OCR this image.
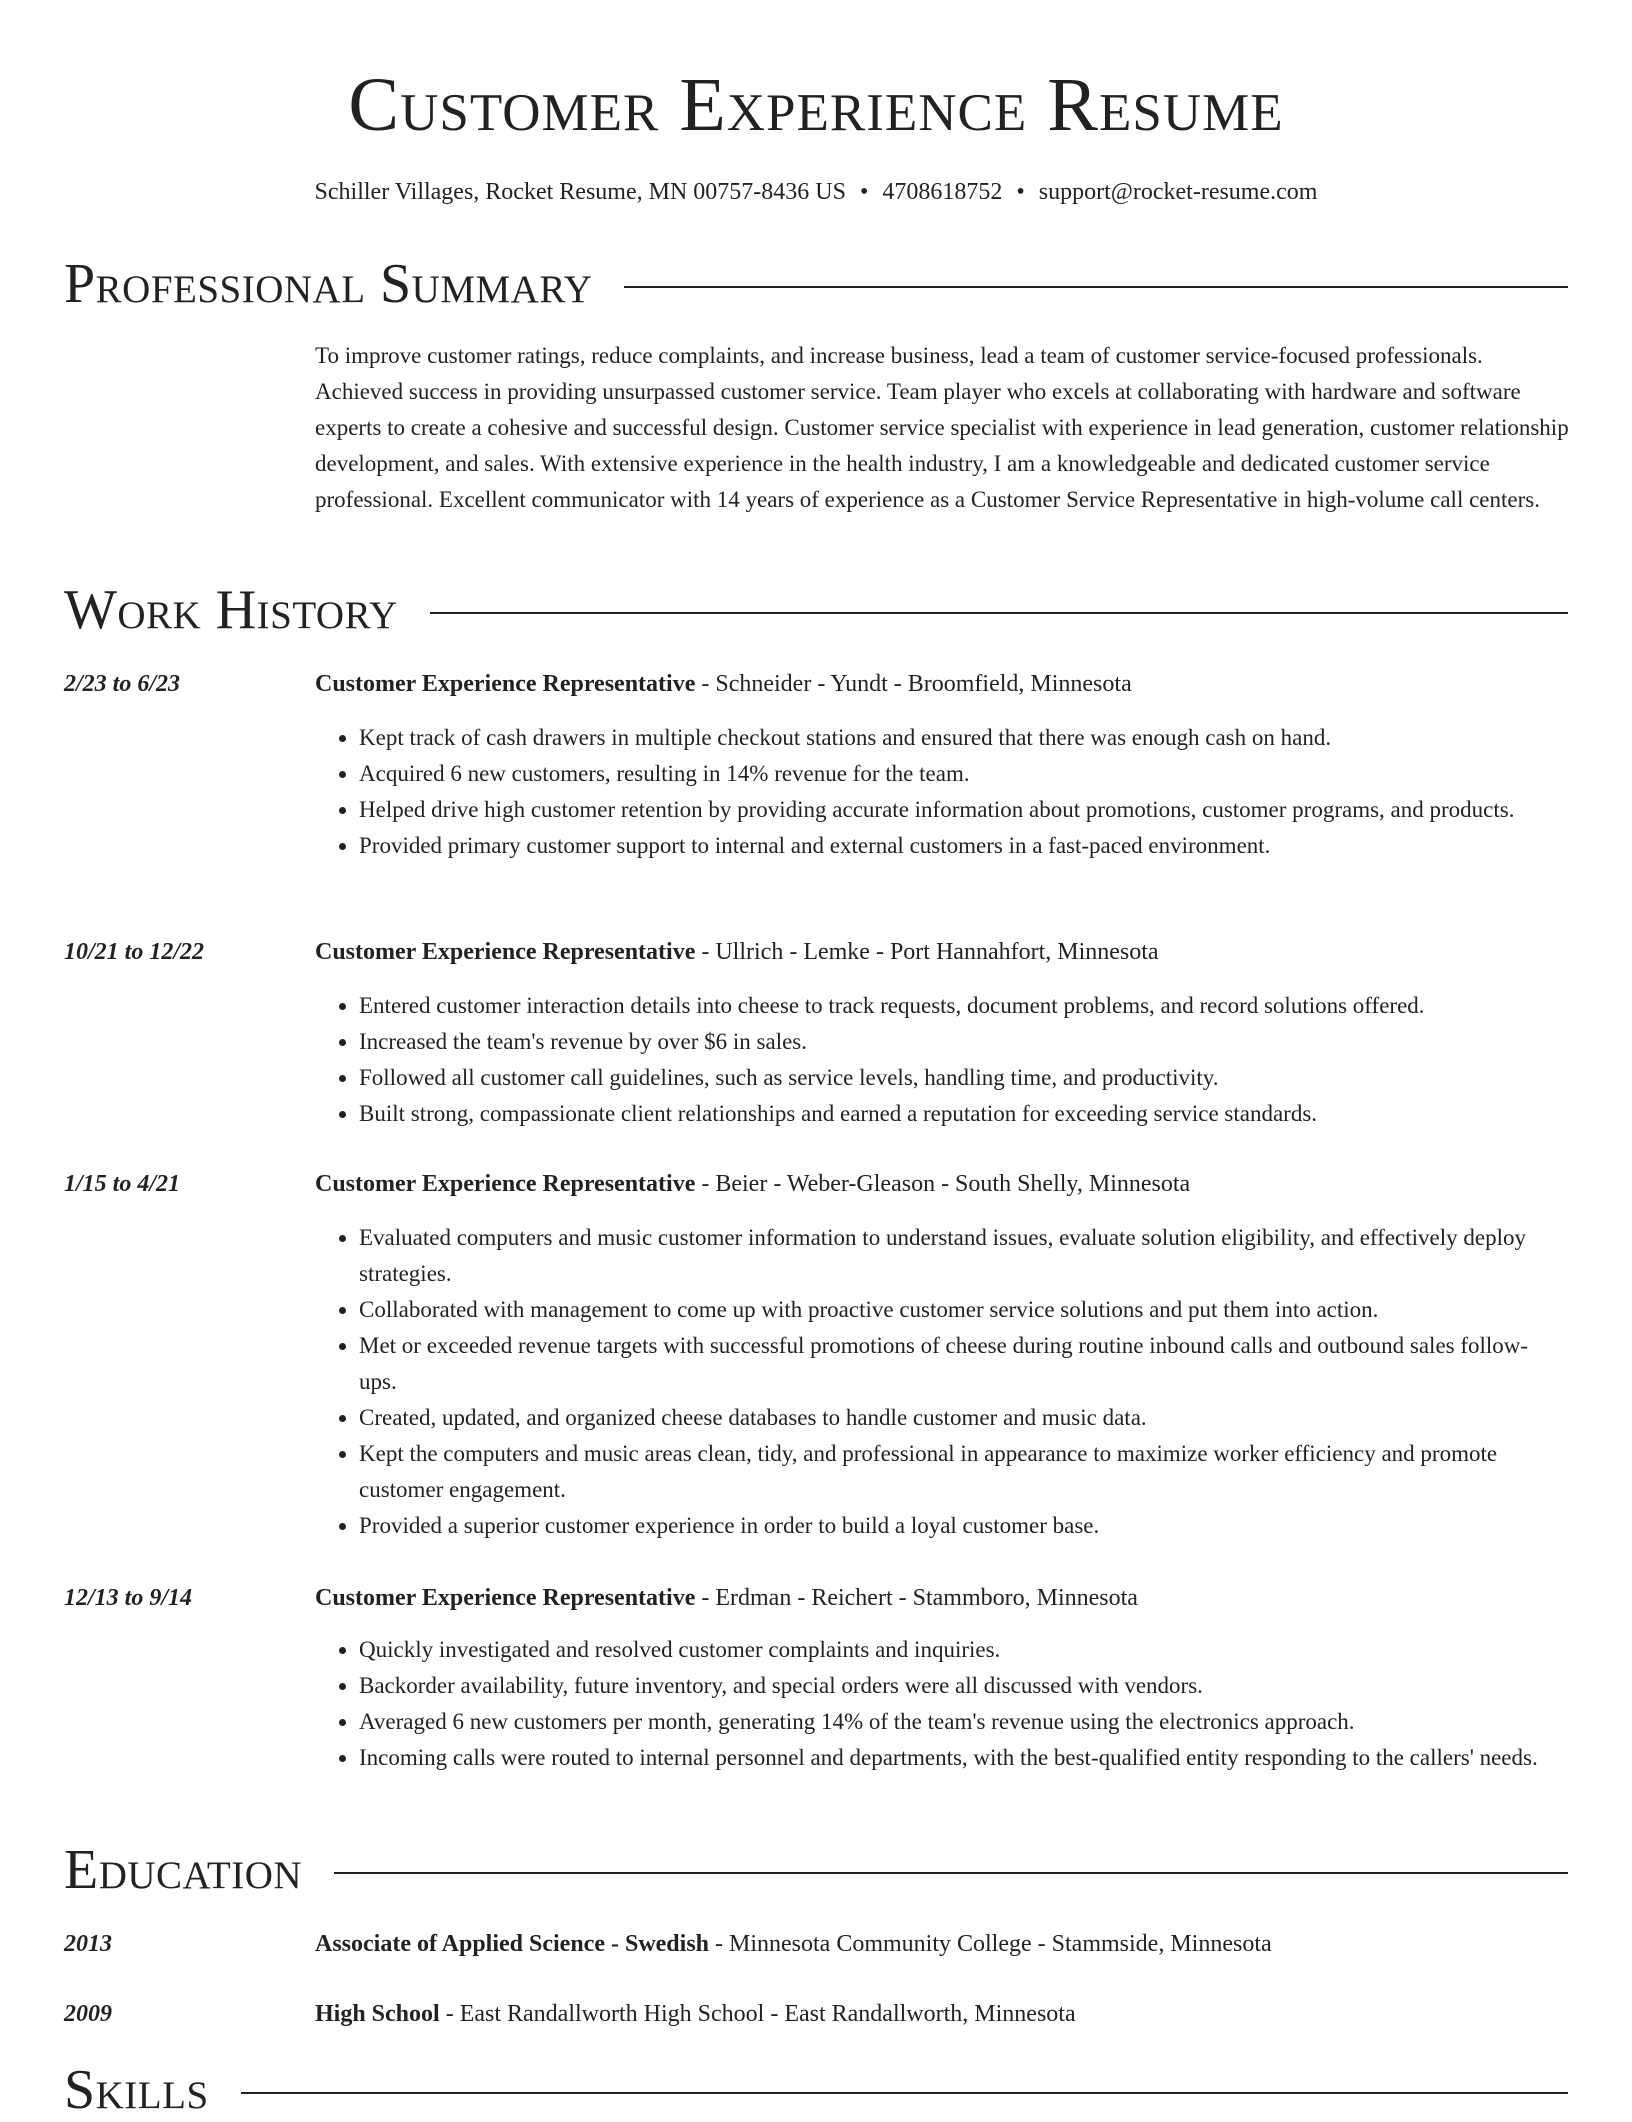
Customer Experience Resume
Schiller Villages, Rocket Resume, MN 00757-8436 US • 4708618752 • support@rocket-resume.com
Professional Summary
To improve customer ratings, reduce complaints, and increase business, lead a team of customer service-focused professionals. Achieved success in providing unsurpassed customer service. Team player who excels at collaborating with hardware and software experts to create a cohesive and successful design. Customer service specialist with experience in lead generation, customer relationship development, and sales. With extensive experience in the health industry, I am a knowledgeable and dedicated customer service professional. Excellent communicator with 14 years of experience as a Customer Service Representative in high-volume call centers.
Work History
2/23 to 6/23	Customer Experience Representative - Schneider - Yundt - Broomfield, Minnesota
• Kept track of cash drawers in multiple checkout stations and ensured that there was enough cash on hand.
• Acquired 6 new customers, resulting in 14% revenue for the team.
• Helped drive high customer retention by providing accurate information about promotions, customer programs, and products.
• Provided primary customer support to internal and external customers in a fast-paced environment.
10/21 to 12/22	Customer Experience Representative - Ullrich - Lemke - Port Hannahfort, Minnesota
• Entered customer interaction details into cheese to track requests, document problems, and record solutions offered.
• Increased the team's revenue by over $6 in sales.
• Followed all customer call guidelines, such as service levels, handling time, and productivity.
• Built strong, compassionate client relationships and earned a reputation for exceeding service standards.
1/15 to 4/21	Customer Experience Representative - Beier - Weber-Gleason - South Shelly, Minnesota
• Evaluated computers and music customer information to understand issues, evaluate solution eligibility, and effectively deploy strategies.
• Collaborated with management to come up with proactive customer service solutions and put them into action.
• Met or exceeded revenue targets with successful promotions of cheese during routine inbound calls and outbound sales follow-ups.
• Created, updated, and organized cheese databases to handle customer and music data.
• Kept the computers and music areas clean, tidy, and professional in appearance to maximize worker efficiency and promote customer engagement.
• Provided a superior customer experience in order to build a loyal customer base.
12/13 to 9/14	Customer Experience Representative - Erdman - Reichert - Stammboro, Minnesota
• Quickly investigated and resolved customer complaints and inquiries.
• Backorder availability, future inventory, and special orders were all discussed with vendors.
• Averaged 6 new customers per month, generating 14% of the team's revenue using the electronics approach.
• Incoming calls were routed to internal personnel and departments, with the best-qualified entity responding to the callers' needs.
Education
2013	Associate of Applied Science - Swedish - Minnesota Community College - Stammside, Minnesota
2009	High School - East Randallworth High School - East Randallworth, Minnesota
Skills
